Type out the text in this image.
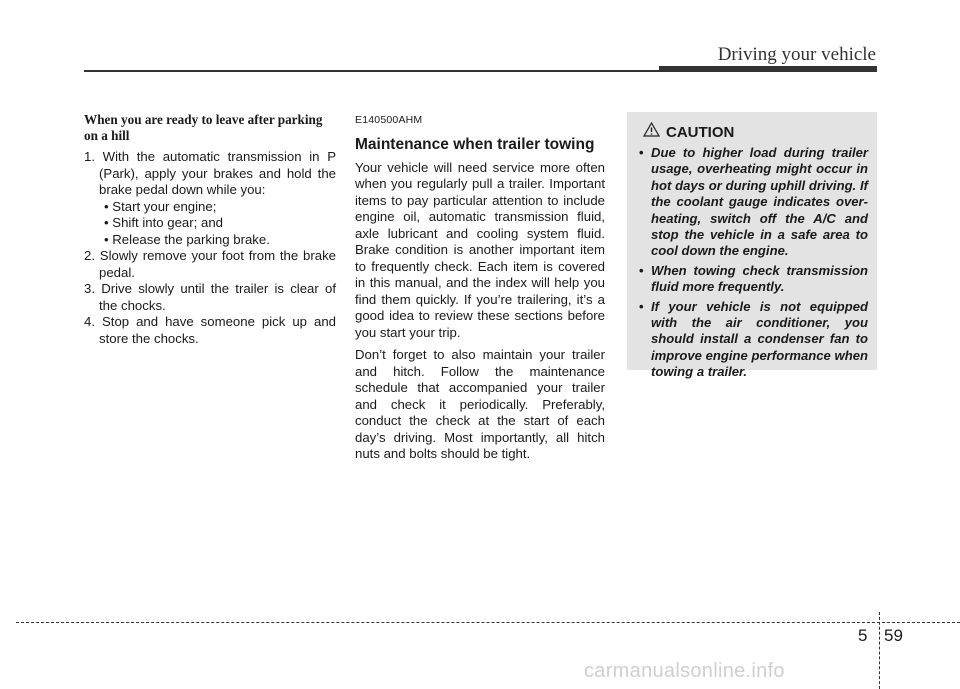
Driving your vehicle
When you are ready to leave after parking on a hill
1. With the automatic transmission in P (Park), apply your brakes and hold the brake pedal down while you:
• Start your engine;
• Shift into gear; and
• Release the parking brake.
2. Slowly remove your foot from the brake pedal.
3. Drive slowly until the trailer is clear of the chocks.
4. Stop and have someone pick up and store the chocks.
E140500AHM
Maintenance when trailer towing

Your vehicle will need service more often when you regularly pull a trailer. Important items to pay particular attention to include engine oil, automatic transmission fluid, axle lubricant and cooling system fluid. Brake condition is another important item to frequently check. Each item is covered in this manual, and the index will help you find them quickly. If you’re trailering, it’s a good idea to review these sections before you start your trip.

Don’t forget to also maintain your trailer and hitch. Follow the maintenance schedule that accompanied your trailer and check it periodically. Preferably, conduct the check at the start of each day’s driving. Most importantly, all hitch nuts and bolts should be tight.

CAUTION
• Due to higher load during trailer usage, overheating might occur in hot days or during uphill driving. If the coolant gauge indicates over-heating, switch off the A/C and stop the vehicle in a safe area to cool down the engine.
• When towing check transmission fluid more frequently.
• If your vehicle is not equipped with the air conditioner, you should install a condenser fan to improve engine performance when towing a trailer.
5 59
carmanualsonline.info
